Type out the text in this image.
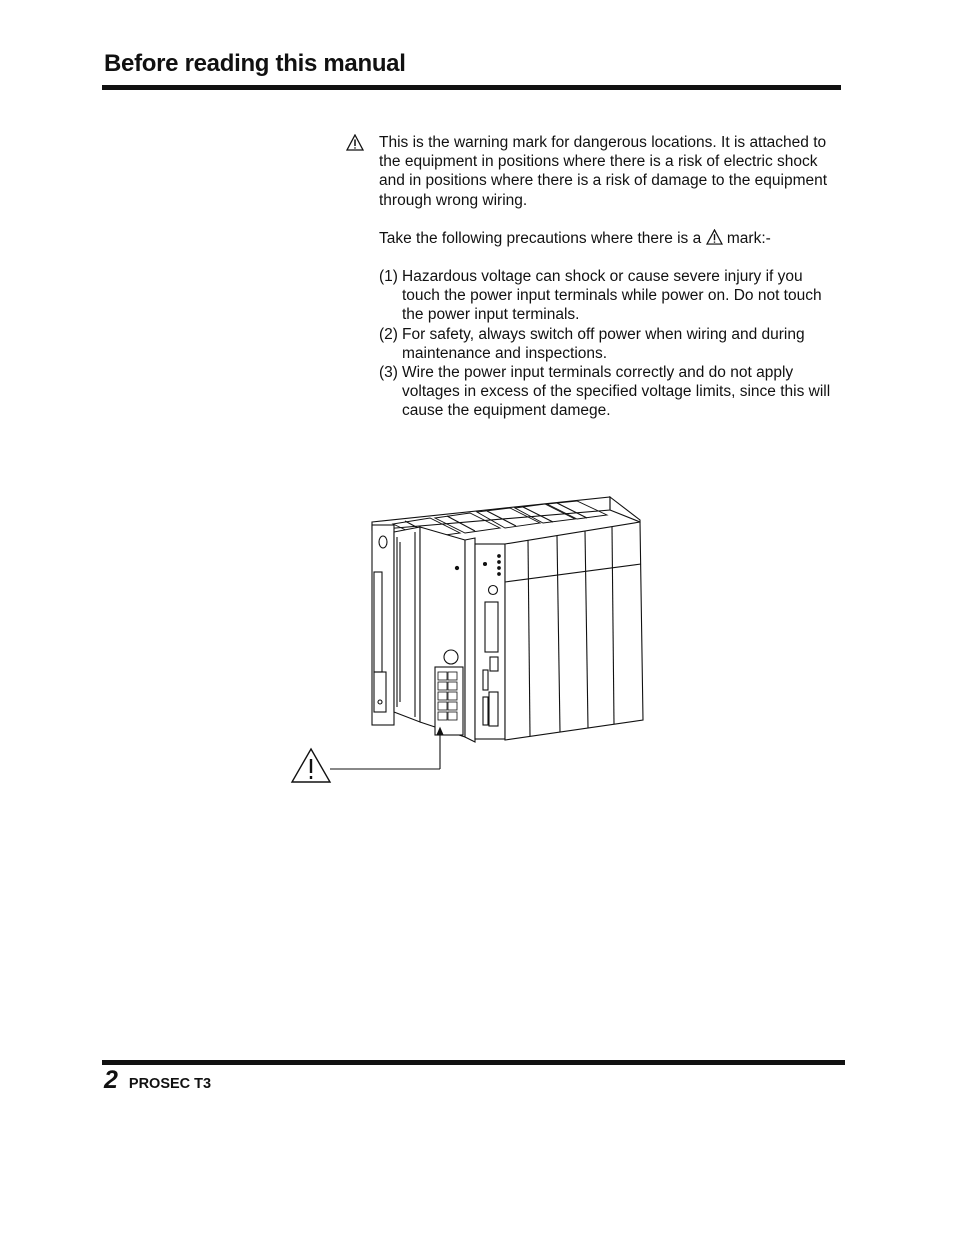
Before reading this manual
This is the warning mark for dangerous locations. It is attached to the equipment in positions where there is a risk of electric shock and in positions where there is a risk of damage to the equipment through wrong wiring.
Take the following precautions where there is a mark:-
(1) Hazardous voltage can shock or cause severe injury if you touch the power input terminals while power on. Do not touch the power input terminals.
(2) For safety, always switch off power when wiring and during maintenance and inspections.
(3) Wire the power input terminals correctly and do not apply voltages in excess of the specified voltage limits, since this will cause the equipment damege.
2 PROSEC T3
